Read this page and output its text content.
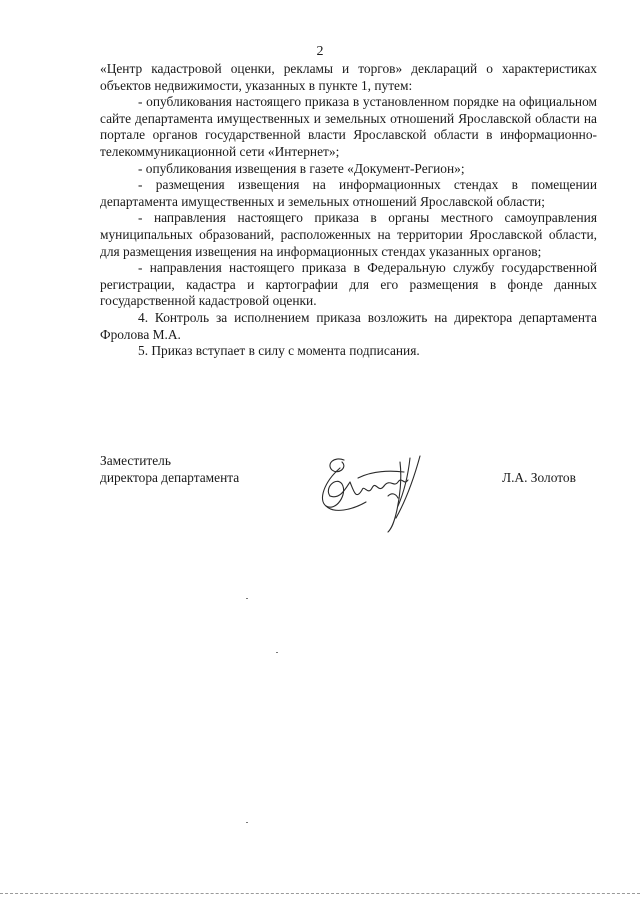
2

«Центр кадастровой оценки, рекламы и торгов» деклараций о характеристиках объектов недвижимости, указанных в пункте 1, путем:

- опубликования настоящего приказа в установленном порядке на официальном сайте департамента имущественных и земельных отношений Ярославской области на портале органов государственной власти Ярославской области в информационно-телекоммуникационной сети «Интернет»;

- опубликования извещения в газете «Документ-Регион»;

- размещения извещения на информационных стендах в помещении департамента имущественных и земельных отношений Ярославской области;

- направления настоящего приказа в органы местного самоуправления муниципальных образований, расположенных на территории Ярославской области, для размещения извещения на информационных стендах указанных органов;

- направления настоящего приказа в Федеральную службу государственной регистрации, кадастра и картографии для его размещения в фонде данных государственной кадастровой оценки.

4. Контроль за исполнением приказа возложить на директора департамента Фролова М.А.

5. Приказ вступает в силу с момента подписания.

Заместитель
директора департамента	Л.А. Золотов
